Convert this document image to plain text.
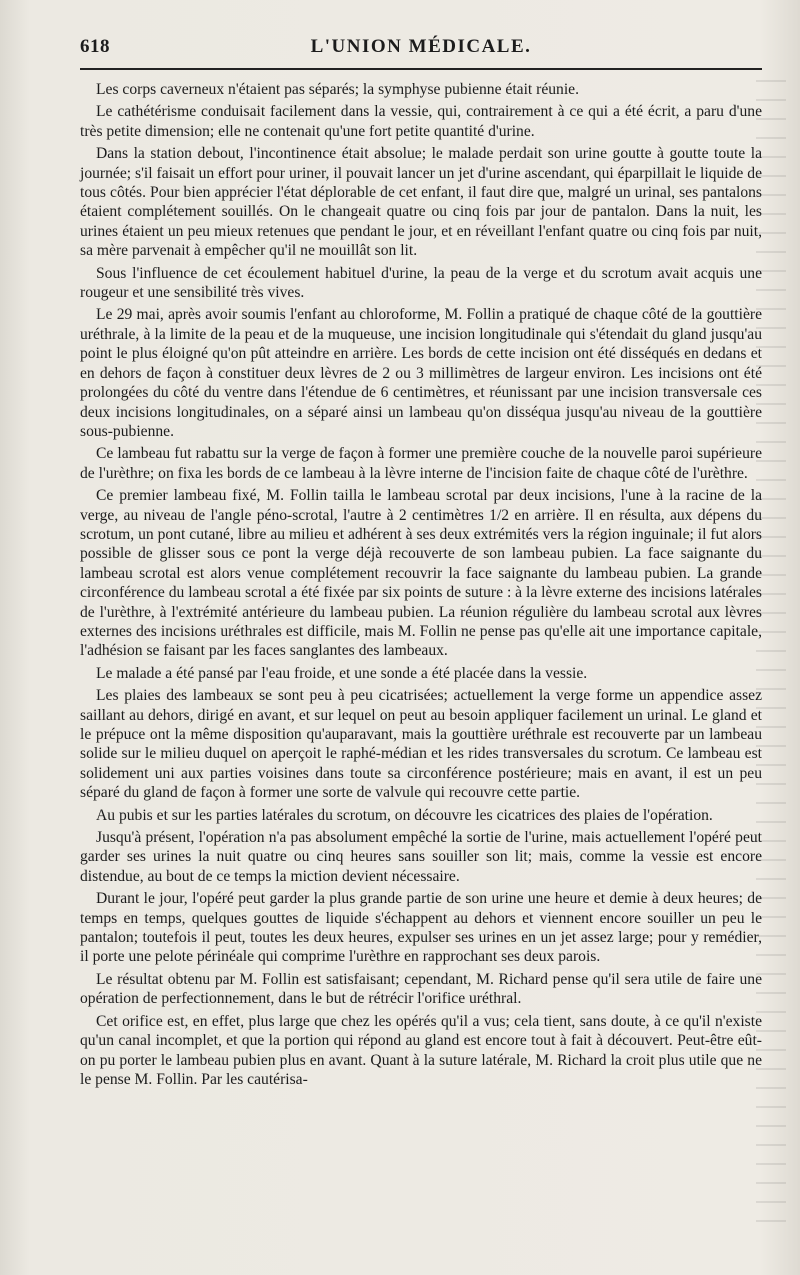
618	L'UNION MÉDICALE.

Les corps caverneux n'étaient pas séparés; la symphyse pubienne était réunie.

Le cathétérisme conduisait facilement dans la vessie, qui, contrairement à ce qui a été écrit, a paru d'une très petite dimension; elle ne contenait qu'une fort petite quantité d'urine.

Dans la station debout, l'incontinence était absolue; le malade perdait son urine goutte à goutte toute la journée; s'il faisait un effort pour uriner, il pouvait lancer un jet d'urine ascendant, qui éparpillait le liquide de tous côtés. Pour bien apprécier l'état déplorable de cet enfant, il faut dire que, malgré un urinal, ses pantalons étaient complétement souillés. On le changeait quatre ou cinq fois par jour de pantalon. Dans la nuit, les urines étaient un peu mieux retenues que pendant le jour, et en réveillant l'enfant quatre ou cinq fois par nuit, sa mère parvenait à empêcher qu'il ne mouillât son lit.

Sous l'influence de cet écoulement habituel d'urine, la peau de la verge et du scrotum avait acquis une rougeur et une sensibilité très vives.

Le 29 mai, après avoir soumis l'enfant au chloroforme, M. Follin a pratiqué de chaque côté de la gouttière uréthrale, à la limite de la peau et de la muqueuse, une incision longitudinale qui s'étendait du gland jusqu'au point le plus éloigné qu'on pût atteindre en arrière. Les bords de cette incision ont été disséqués en dedans et en dehors de façon à constituer deux lèvres de 2 ou 3 millimètres de largeur environ. Les incisions ont été prolongées du côté du ventre dans l'étendue de 6 centimètres, et réunissant par une incision transversale ces deux incisions longitudinales, on a séparé ainsi un lambeau qu'on disséqua jusqu'au niveau de la gouttière sous-pubienne.

Ce lambeau fut rabattu sur la verge de façon à former une première couche de la nouvelle paroi supérieure de l'urèthre; on fixa les bords de ce lambeau à la lèvre interne de l'incision faite de chaque côté de l'urèthre.

Ce premier lambeau fixé, M. Follin tailla le lambeau scrotal par deux incisions, l'une à la racine de la verge, au niveau de l'angle péno-scrotal, l'autre à 2 centimètres 1/2 en arrière. Il en résulta, aux dépens du scrotum, un pont cutané, libre au milieu et adhérent à ses deux extrémités vers la région inguinale; il fut alors possible de glisser sous ce pont la verge déjà recouverte de son lambeau pubien. La face saignante du lambeau scrotal est alors venue complétement recouvrir la face saignante du lambeau pubien. La grande circonférence du lambeau scrotal a été fixée par six points de suture : à la lèvre externe des incisions latérales de l'urèthre, à l'extrémité antérieure du lambeau pubien. La réunion régulière du lambeau scrotal aux lèvres externes des incisions uréthrales est difficile, mais M. Follin ne pense pas qu'elle ait une importance capitale, l'adhésion se faisant par les faces sanglantes des lambeaux.

Le malade a été pansé par l'eau froide, et une sonde a été placée dans la vessie.

Les plaies des lambeaux se sont peu à peu cicatrisées; actuellement la verge forme un appendice assez saillant au dehors, dirigé en avant, et sur lequel on peut au besoin appliquer facilement un urinal. Le gland et le prépuce ont la même disposition qu'auparavant, mais la gouttière uréthrale est recouverte par un lambeau solide sur le milieu duquel on aperçoit le raphé-médian et les rides transversales du scrotum. Ce lambeau est solidement uni aux parties voisines dans toute sa circonférence postérieure; mais en avant, il est un peu séparé du gland de façon à former une sorte de valvule qui recouvre cette partie.

Au pubis et sur les parties latérales du scrotum, on découvre les cicatrices des plaies de l'opération.

Jusqu'à présent, l'opération n'a pas absolument empêché la sortie de l'urine, mais actuellement l'opéré peut garder ses urines la nuit quatre ou cinq heures sans souiller son lit; mais, comme la vessie est encore distendue, au bout de ce temps la miction devient nécessaire.

Durant le jour, l'opéré peut garder la plus grande partie de son urine une heure et demie à deux heures; de temps en temps, quelques gouttes de liquide s'échappent au dehors et viennent encore souiller un peu le pantalon; toutefois il peut, toutes les deux heures, expulser ses urines en un jet assez large; pour y remédier, il porte une pelote périnéale qui comprime l'urèthre en rapprochant ses deux parois.

Le résultat obtenu par M. Follin est satisfaisant; cependant, M. Richard pense qu'il sera utile de faire une opération de perfectionnement, dans le but de rétrécir l'orifice uréthral.

Cet orifice est, en effet, plus large que chez les opérés qu'il a vus; cela tient, sans doute, à ce qu'il n'existe qu'un canal incomplet, et que la portion qui répond au gland est encore tout à fait à découvert. Peut-être eût-on pu porter le lambeau pubien plus en avant. Quant à la suture latérale, M. Richard la croit plus utile que ne le pense M. Follin. Par les cautérisa-
